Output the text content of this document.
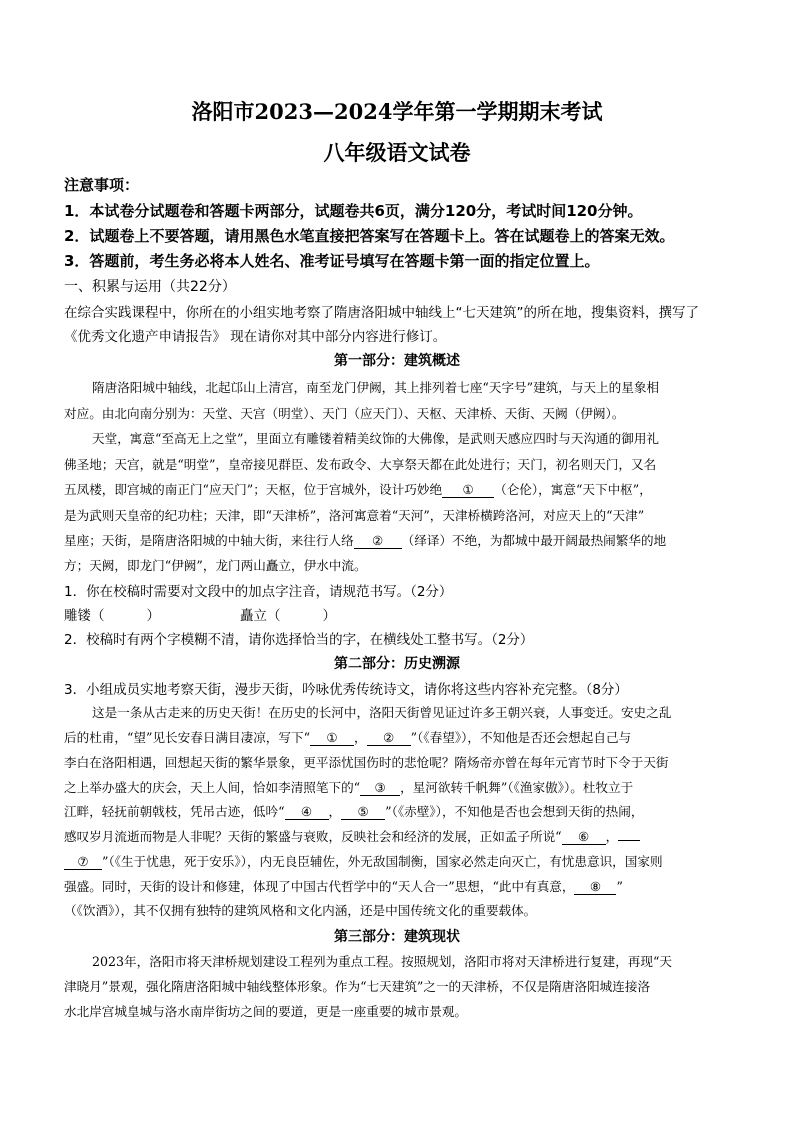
洛阳市2023—2024学年第一学期期末考试
八年级语文试卷
注意事项：
1．本试卷分试题卷和答题卡两部分，试题卷共6页，满分120分，考试时间120分钟。
2．试题卷上不要答题，请用黑色水笔直接把答案写在答题卡上。答在试题卷上的答案无效。
3．答题前，考生务必将本人姓名、准考证号填写在答题卡第一面的指定位置上。
一、积累与运用（共22分）
在综合实践课程中，你所在的小组实地考察了隋唐洛阳城中轴线上“七天建筑”的所在地，搜集资料，撰写了
《优秀文化遗产申请报告》 现在请你对其中部分内容进行修订。
第一部分：建筑概述
隋唐洛阳城中轴线，北起邙山上清宫，南至龙门伊阙，其上排列着七座“天字号”建筑，与天上的星象相
对应。由北向南分别为：天堂、天宫（明堂）、天门（应天门）、天枢、天津桥、天街、天阙（伊阙）。
天堂，寓意“至高无上之堂”，里面立有雕镂着精美纹饰的大佛像，是武则天感应四时与天沟通的御用礼
佛圣地；天宫，就是“明堂”，皇帝接见群臣、发布政令、大享祭天都在此处进行；天门，初名则天门，又名
五凤楼，即宫城的南正门“应天门”；天枢，位于宫城外，设计巧妙绝 ① （仑伦），寓意“天下中枢”，
是为武则天皇帝的纪功柱；天津，即“天津桥”，洛河寓意着“天河”，天津桥横跨洛河，对应天上的“天津”
星座；天街，是隋唐洛阳城的中轴大街，来往行人络 ② （绎译）不绝，为都城中最开阔最热闹繁华的地
方；天阙，即龙门“伊阙”，龙门两山矗立，伊水中流。
1．你在校稿时需要对文段中的加点字注音，请规范书写。（2分）
雕镂（	）	矗立（	）
2．校稿时有两个字模糊不清，请你选择恰当的字，在横线处工整书写。（2分）
第二部分：历史溯源
3．小组成员实地考察天街，漫步天街，吟咏优秀传统诗文，请你将这些内容补充完整。（8分）
这是一条从古走来的历史天街！在历史的长河中，洛阳天街曾见证过许多王朝兴衰，人事变迁。安史之乱
后的杜甫，“望”见长安春日满目凄凉，写下“ ① ， ② ”（《春望》），不知他是否还会想起自己与
李白在洛阳相遇，回想起天街的繁华景象，更平添忧国伤时的悲怆呢？隋炀帝亦曾在每年元宵节时下令于天街
之上举办盛大的庆会，天上人间，恰如李清照笔下的“ ③ ，星河欲转千帆舞”（《渔家傲》）。杜牧立于
江畔，轻抚前朝戟枝，凭吊古迹，低吟“ ④ ， ⑤ ”（《赤壁》），不知他是否也会想到天街的热闹，
感叹岁月流逝而物是人非呢？天街的繁盛与衰败，反映社会和经济的发展，正如孟子所说“ ⑥ ，
⑦ ”（《生于忧患，死于安乐》），内无良臣辅佐，外无敌国制衡，国家必然走向灭亡，有忧患意识，国家则
强盛。同时，天街的设计和修建，体现了中国古代哲学中的“天人合一”思想，“此中有真意， ⑧ ”
（《饮酒》），其不仅拥有独特的建筑风格和文化内涵，还是中国传统文化的重要载体。
第三部分：建筑现状
2023年，洛阳市将天津桥规划建设工程列为重点工程。按照规划，洛阳市将对天津桥进行复建，再现“天
津晓月”景观，强化隋唐洛阳城中轴线整体形象。作为“七天建筑”之一的天津桥，不仅是隋唐洛阳城连接洛
水北岸宫城皇城与洛水南岸街坊之间的要道，更是一座重要的城市景观。
